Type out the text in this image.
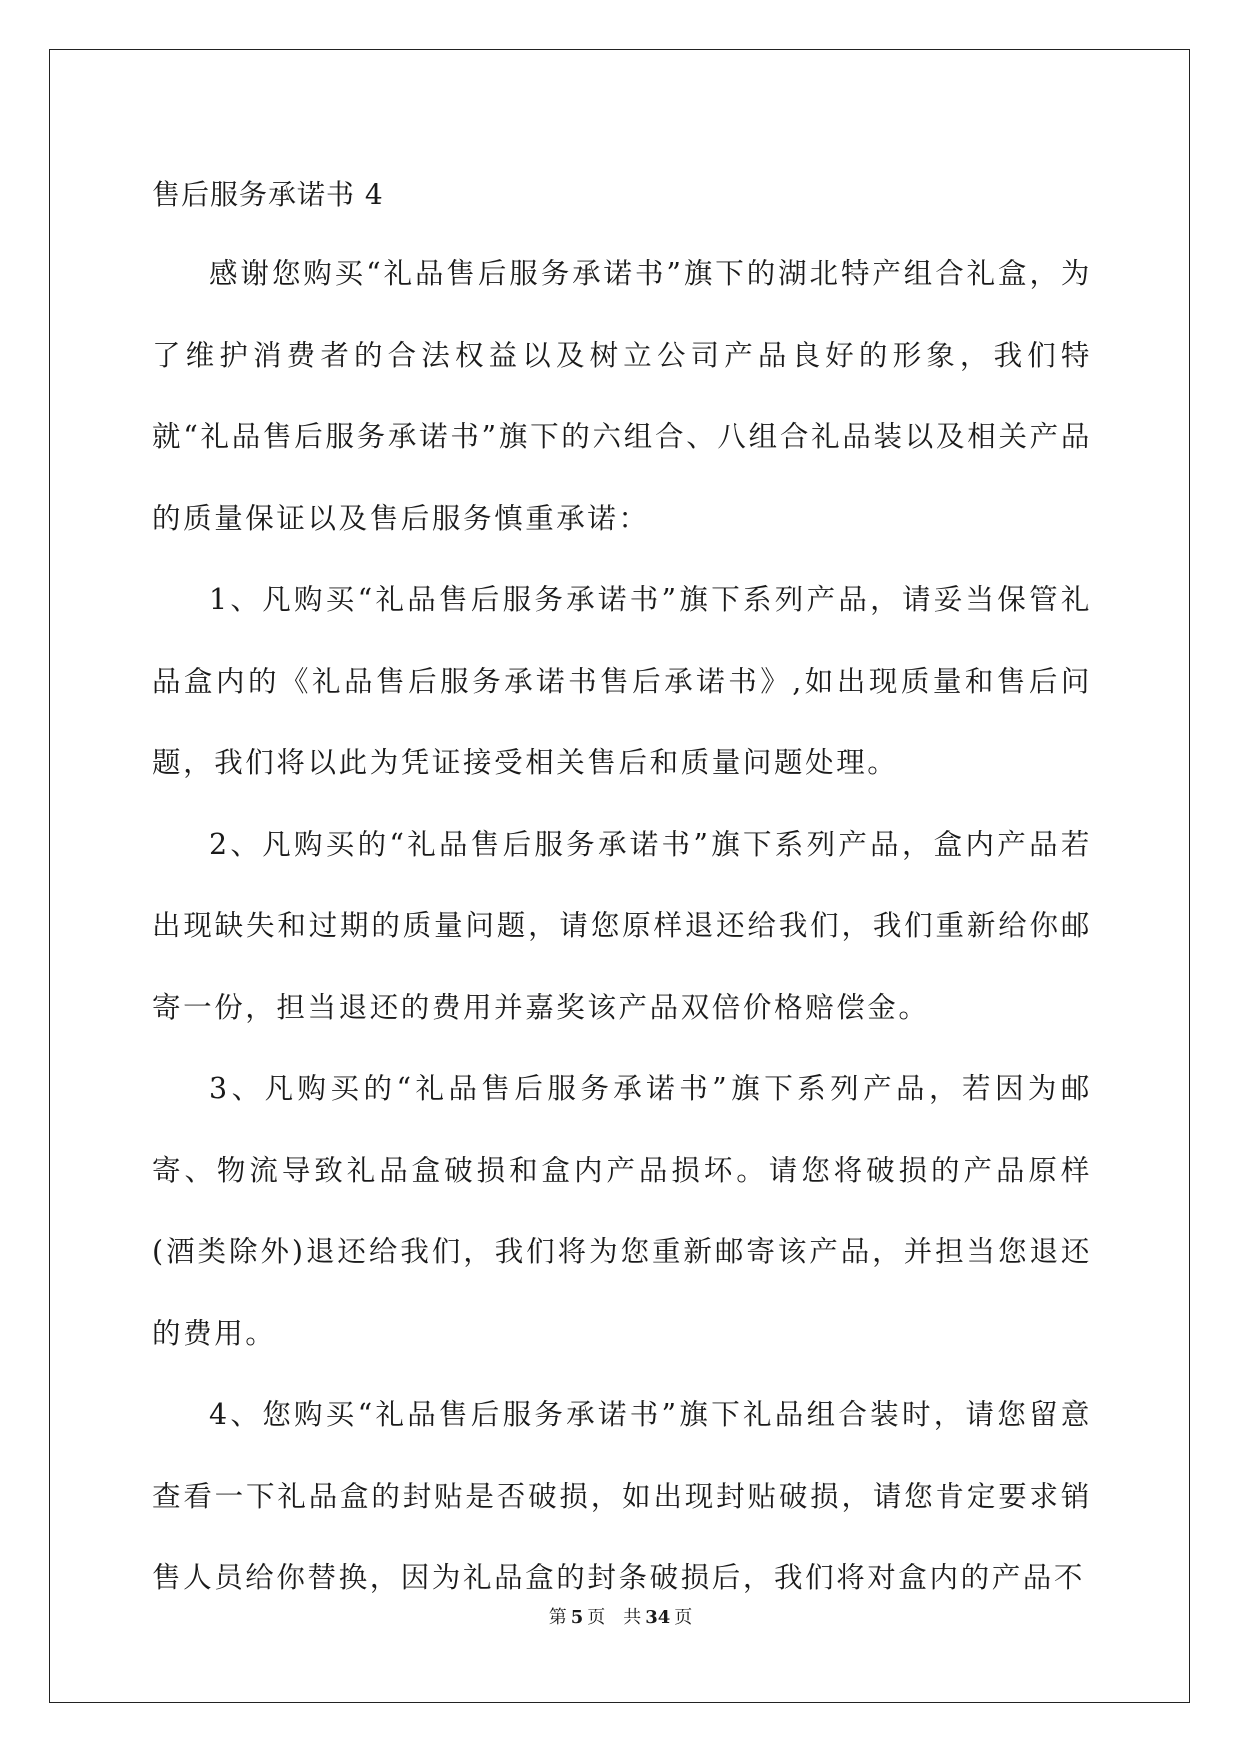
售后服务承诺书 4

感谢您购买“礼品售后服务承诺书”旗下的湖北特产组合礼盒，为了维护消费者的合法权益以及树立公司产品良好的形象，我们特就“礼品售后服务承诺书”旗下的六组合、八组合礼品装以及相关产品的质量保证以及售后服务慎重承诺：

1、凡购买“礼品售后服务承诺书”旗下系列产品，请妥当保管礼品盒内的《礼品售后服务承诺书售后承诺书》,如出现质量和售后问题，我们将以此为凭证接受相关售后和质量问题处理。

2、凡购买的“礼品售后服务承诺书”旗下系列产品，盒内产品若出现缺失和过期的质量问题，请您原样退还给我们，我们重新给你邮寄一份，担当退还的费用并嘉奖该产品双倍价格赔偿金。

3、凡购买的“礼品售后服务承诺书”旗下系列产品，若因为邮寄、物流导致礼品盒破损和盒内产品损坏。请您将破损的产品原样(酒类除外)退还给我们，我们将为您重新邮寄该产品，并担当您退还的费用。

4、您购买“礼品售后服务承诺书”旗下礼品组合装时，请您留意查看一下礼品盒的封贴是否破损，如出现封贴破损，请您肯定要求销售人员给你替换，因为礼品盒的封条破损后，我们将对盒内的产品不

第 5 页 共 34 页
